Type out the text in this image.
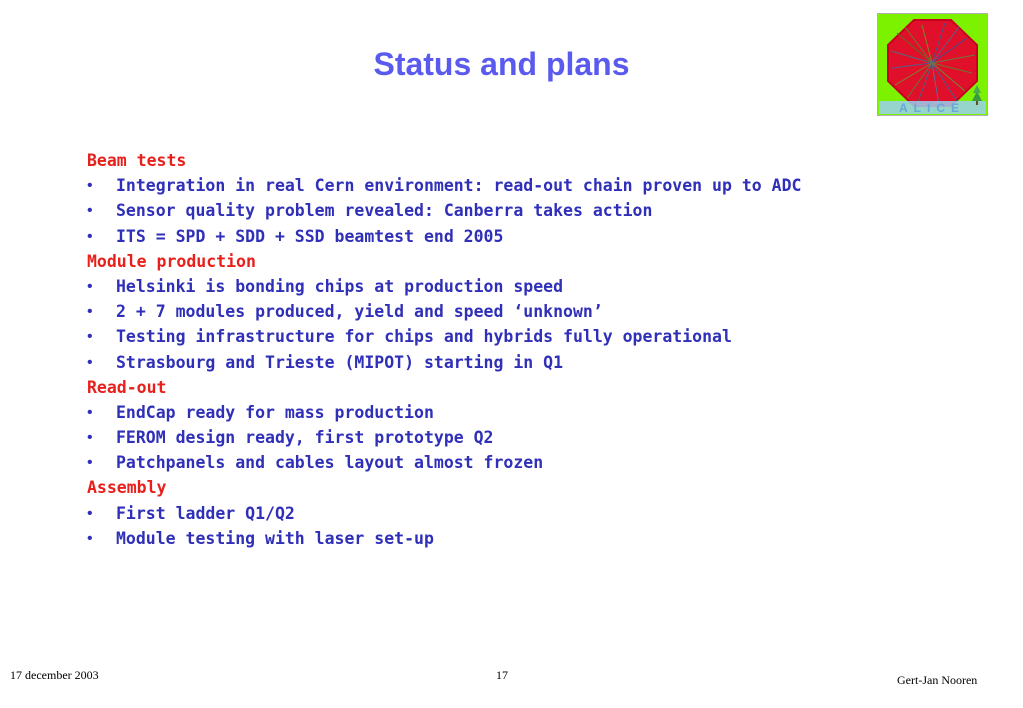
Status and plans
ALICE
Beam tests
•	Integration in real Cern environment: read-out chain proven up to ADC
•	Sensor quality problem revealed: Canberra takes action
•	ITS = SPD + SDD + SSD beamtest end 2005
Module production
•	Helsinki is bonding chips at production speed
•	2 + 7 modules produced, yield and speed ‘unknown’
•	Testing infrastructure for chips and hybrids fully operational
•	Strasbourg and Trieste (MIPOT) starting in Q1
Read-out
•	EndCap ready for mass production
•	FEROM design ready, first prototype Q2
•	Patchpanels and cables layout almost frozen
Assembly
•	First ladder Q1/Q2
•	Module testing with laser set-up
17 december 2003	17	Gert-Jan Nooren
